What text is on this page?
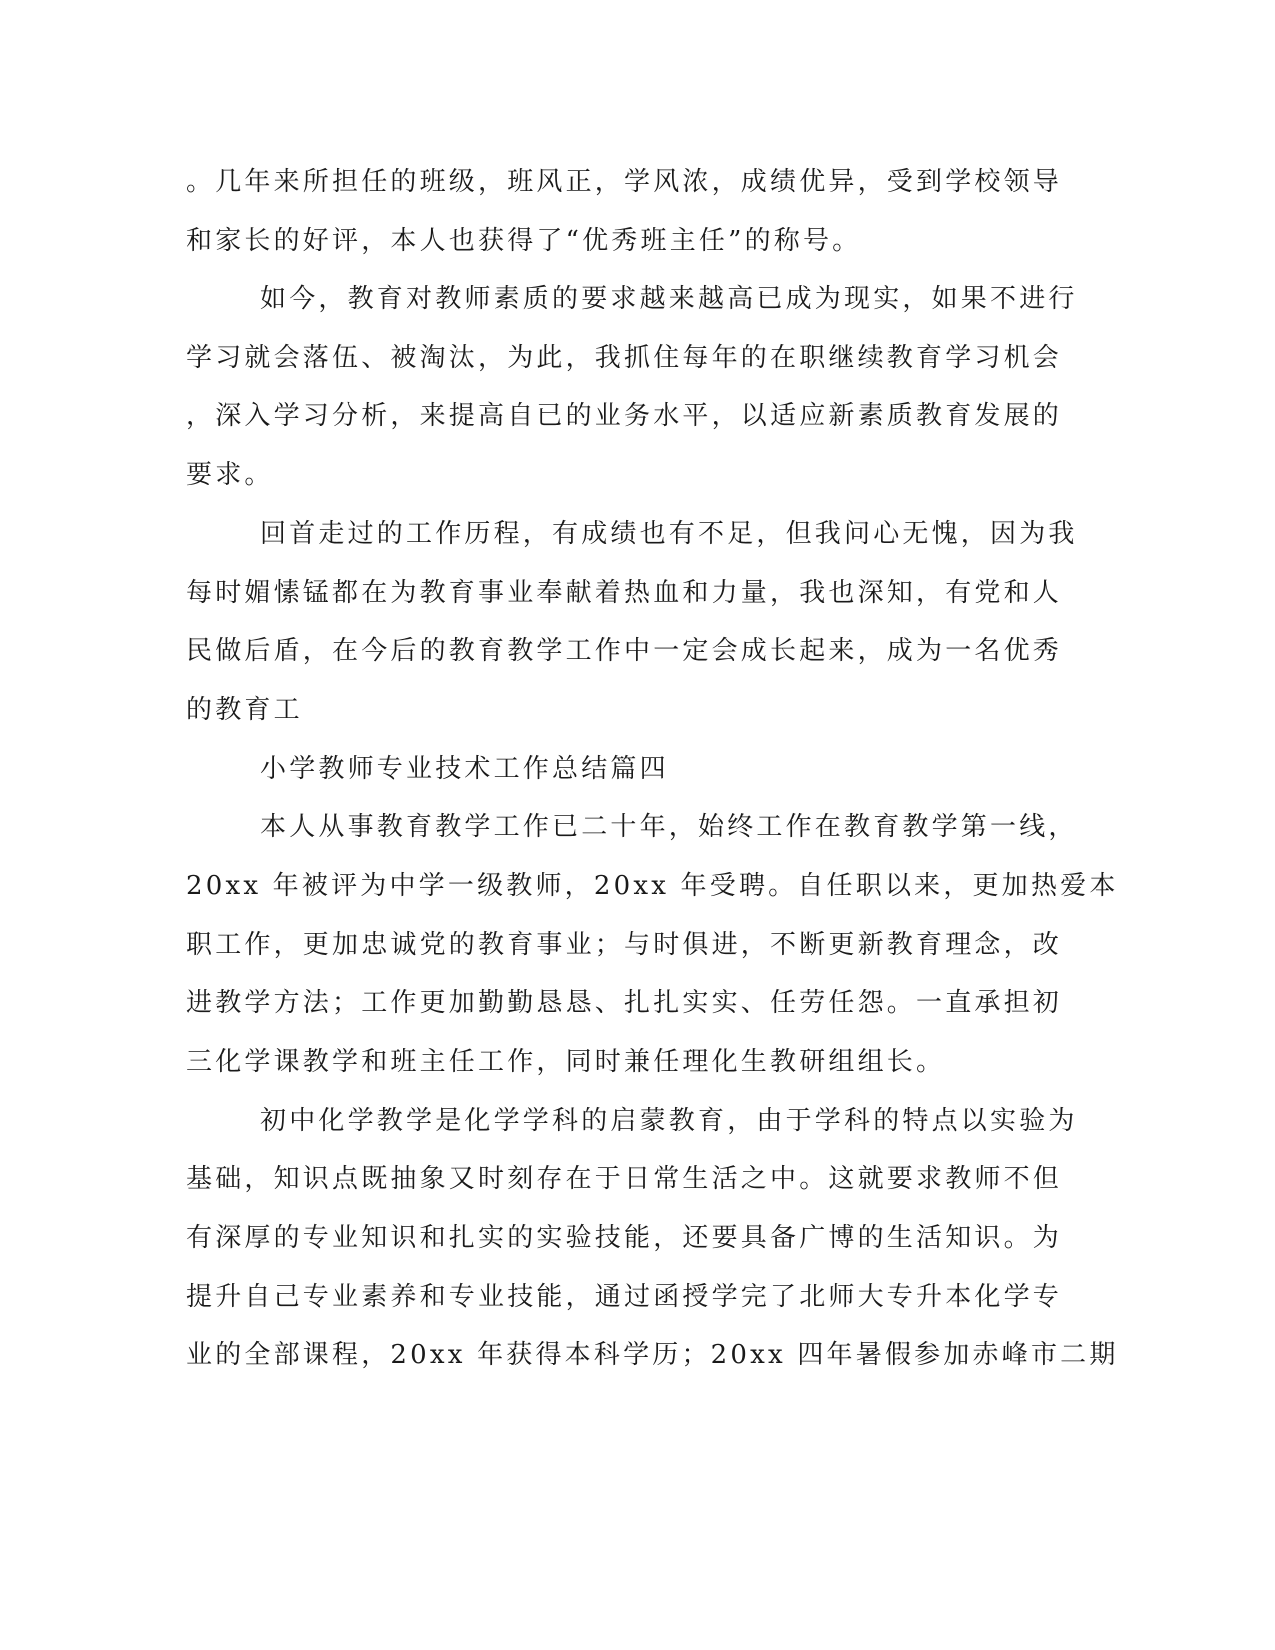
。几年来所担任的班级，班风正，学风浓，成绩优异，受到学校领导
和家长的好评，本人也获得了“优秀班主任”的称号。
如今，教育对教师素质的要求越来越高已成为现实，如果不进行
学习就会落伍、被淘汰，为此，我抓住每年的在职继续教育学习机会
，深入学习分析，来提高自已的业务水平，以适应新素质教育发展的
要求。
回首走过的工作历程，有成绩也有不足，但我问心无愧，因为我
每时媚愫锰都在为教育事业奉献着热血和力量，我也深知，有党和人
民做后盾，在今后的教育教学工作中一定会成长起来，成为一名优秀
的教育工
小学教师专业技术工作总结篇四
本人从事教育教学工作已二十年，始终工作在教育教学第一线，
20xx 年被评为中学一级教师，20xx 年受聘。自任职以来，更加热爱本
职工作，更加忠诚党的教育事业；与时俱进，不断更新教育理念，改
进教学方法；工作更加勤勤恳恳、扎扎实实、任劳任怨。一直承担初
三化学课教学和班主任工作，同时兼任理化生教研组组长。
初中化学教学是化学学科的启蒙教育，由于学科的特点以实验为
基础，知识点既抽象又时刻存在于日常生活之中。这就要求教师不但
有深厚的专业知识和扎实的实验技能，还要具备广博的生活知识。为
提升自己专业素养和专业技能，通过函授学完了北师大专升本化学专
业的全部课程，20xx 年获得本科学历；20xx 四年暑假参加赤峰市二期
